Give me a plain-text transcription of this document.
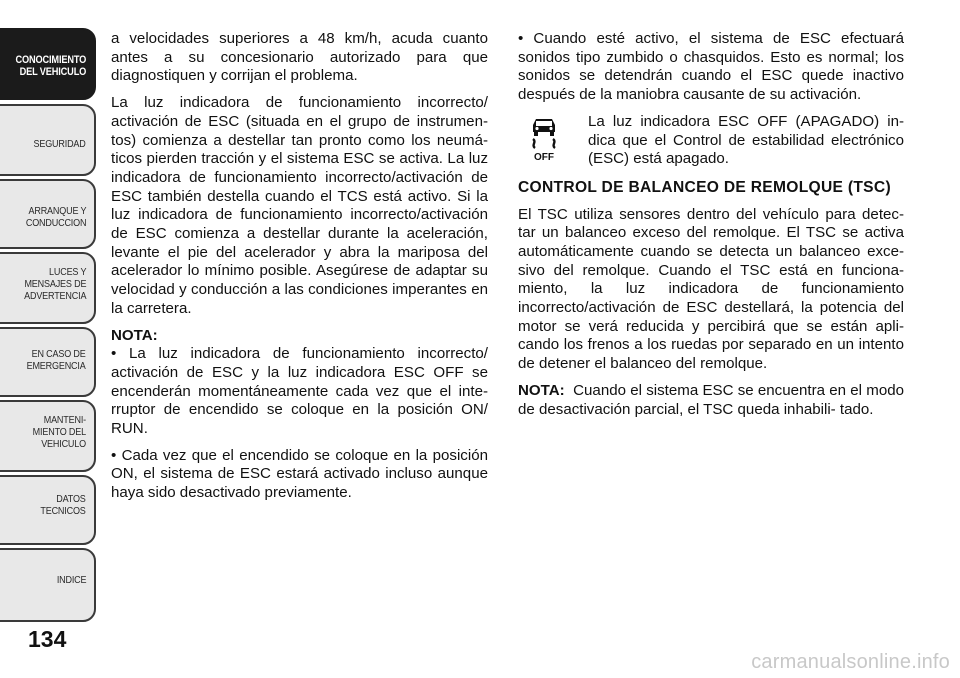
CONOCIMIENTO
DEL VEHICULO
SEGURIDAD
ARRANQUE Y
CONDUCCION
LUCES Y
MENSAJES DE
ADVERTENCIA
EN CASO DE
EMERGENCIA
MANTENI-
MIENTO DEL
VEHICULO
DATOS
TECNICOS
INDICE
134

a velocidades superiores a 48 km/h, acuda cuanto antes a su concesionario autorizado para que diagnostiquen y corrijan el problema.

La luz indicadora de funcionamiento incorrecto/ activación de ESC (situada en el grupo de instrumen- tos) comienza a destellar tan pronto como los neumá- ticos pierden tracción y el sistema ESC se activa. La luz indicadora de funcionamiento incorrecto/activación de ESC también destella cuando el TCS está activo. Si la luz indicadora de funcionamiento incorrecto/activación de ESC comienza a destellar durante la aceleración, levante el pie del acelerador y abra la mariposa del acelerador lo mínimo posible. Asegúrese de adaptar su velocidad y conducción a las condiciones imperantes en la carretera.

NOTA:

• La luz indicadora de funcionamiento incorrecto/ activación de ESC y la luz indicadora ESC OFF se encenderán momentáneamente cada vez que el inte- rruptor de encendido se coloque en la posición ON/ RUN.

• Cada vez que el encendido se coloque en la posición ON, el sistema de ESC estará activado incluso aunque haya sido desactivado previamente.

• Cuando esté activo, el sistema de ESC efectuará sonidos tipo zumbido o chasquidos. Esto es normal; los sonidos se detendrán cuando el ESC quede inactivo después de la maniobra causante de su activación.

OFF
La luz indicadora ESC OFF (APAGADO) in- dica que el Control de estabilidad electrónico (ESC) está apagado.

CONTROL DE BALANCEO DE REMOLQUE (TSC)

El TSC utiliza sensores dentro del vehículo para detec- tar un balanceo exceso del remolque. El TSC se activa automáticamente cuando se detecta un balanceo exce- sivo del remolque. Cuando el TSC está en funciona- miento, la luz indicadora de funcionamiento incorrecto/activación de ESC destellará, la potencia del motor se verá reducida y percibirá que se están apli- cando los frenos a los ruedas por separado en un intento de detener el balanceo del remolque.

NOTA: Cuando el sistema ESC se encuentra en el modo de desactivación parcial, el TSC queda inhabili- tado.

carmanualsonline.info
